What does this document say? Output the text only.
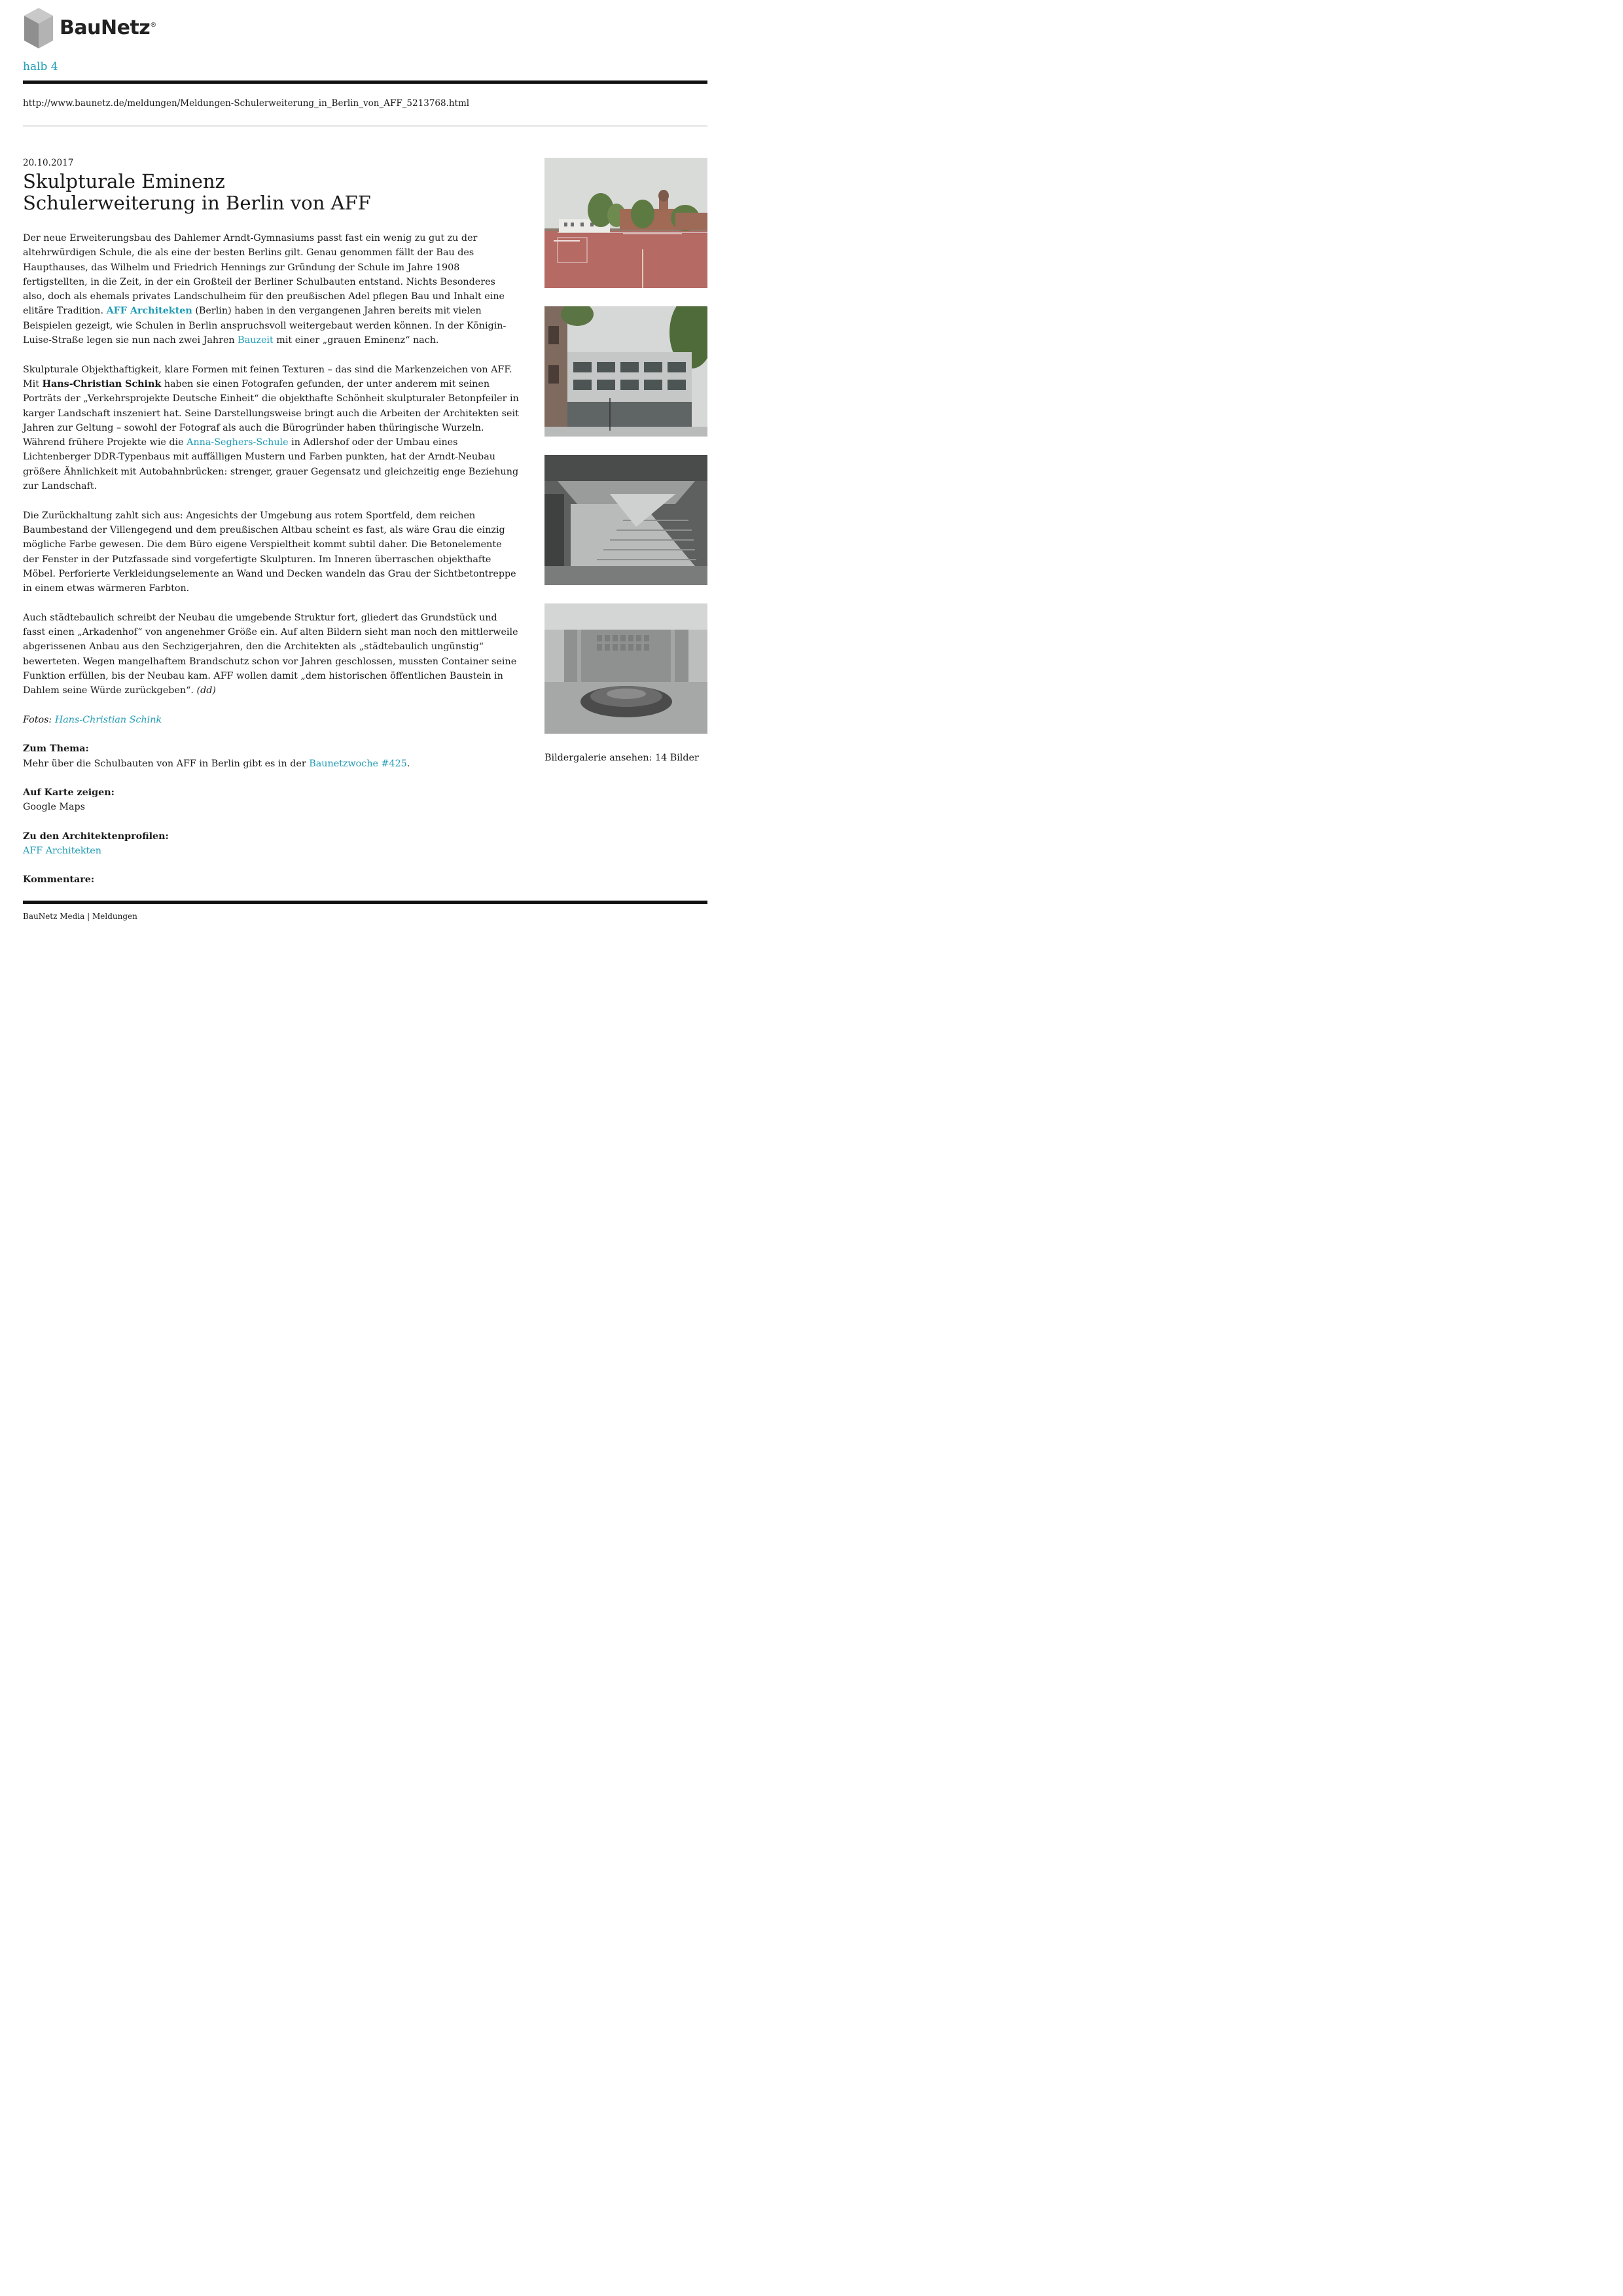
BauNetz®
halb 4
http://www.baunetz.de/meldungen/Meldungen-Schulerweiterung_in_Berlin_von_AFF_5213768.html
20.10.2017
Skulpturale Eminenz
Schulerweiterung in Berlin von AFF

Der neue Erweiterungsbau des Dahlemer Arndt-Gymnasiums passt fast ein wenig zu gut zu der altehrwürdigen Schule, die als eine der besten Berlins gilt. Genau genommen fällt der Bau des Haupthauses, das Wilhelm und Friedrich Hennings zur Gründung der Schule im Jahre 1908 fertigstellten, in die Zeit, in der ein Großteil der Berliner Schulbauten entstand. Nichts Besonderes also, doch als ehemals privates Landschulheim für den preußischen Adel pflegen Bau und Inhalt eine elitäre Tradition. AFF Architekten (Berlin) haben in den vergangenen Jahren bereits mit vielen Beispielen gezeigt, wie Schulen in Berlin anspruchsvoll weitergebaut werden können. In der Königin-Luise-Straße legen sie nun nach zwei Jahren Bauzeit mit einer „grauen Eminenz“ nach.

Skulpturale Objekthaftigkeit, klare Formen mit feinen Texturen – das sind die Markenzeichen von AFF. Mit Hans-Christian Schink haben sie einen Fotografen gefunden, der unter anderem mit seinen Porträts der „Verkehrsprojekte Deutsche Einheit“ die objekthafte Schönheit skulpturaler Betonpfeiler in karger Landschaft inszeniert hat. Seine Darstellungsweise bringt auch die Arbeiten der Architekten seit Jahren zur Geltung – sowohl der Fotograf als auch die Bürogründer haben thüringische Wurzeln. Während frühere Projekte wie die Anna-Seghers-Schule in Adlershof oder der Umbau eines Lichtenberger DDR-Typenbaus mit auffälligen Mustern und Farben punkten, hat der Arndt-Neubau größere Ähnlichkeit mit Autobahnbrücken: strenger, grauer Gegensatz und gleichzeitig enge Beziehung zur Landschaft.

Die Zurückhaltung zahlt sich aus: Angesichts der Umgebung aus rotem Sportfeld, dem reichen Baumbestand der Villengegend und dem preußischen Altbau scheint es fast, als wäre Grau die einzig mögliche Farbe gewesen. Die dem Büro eigene Verspieltheit kommt subtil daher. Die Betonelemente der Fenster in der Putzfassade sind vorgefertigte Skulpturen. Im Inneren überraschen objekthafte Möbel. Perforierte Verkleidungselemente an Wand und Decken wandeln das Grau der Sichtbetontreppe in einem etwas wärmeren Farbton.

Auch städtebaulich schreibt der Neubau die umgebende Struktur fort, gliedert das Grundstück und fasst einen „Arkadenhof“ von angenehmer Größe ein. Auf alten Bildern sieht man noch den mittlerweile abgerissenen Anbau aus den Sechzigerjahren, den die Architekten als „städtebaulich ungünstig“ bewerteten. Wegen mangelhaftem Brandschutz schon vor Jahren geschlossen, mussten Container seine Funktion erfüllen, bis der Neubau kam. AFF wollen damit „dem historischen öffentlichen Baustein in Dahlem seine Würde zurückgeben“. (dd)

Fotos: Hans-Christian Schink

Zum Thema:
Mehr über die Schulbauten von AFF in Berlin gibt es in der Baunetzwoche #425.
Auf Karte zeigen:
Google Maps
Zu den Architektenprofilen:
AFF Architekten
Kommentare:
Bildergalerie ansehen: 14 Bilder
BauNetz Media | Meldungen
